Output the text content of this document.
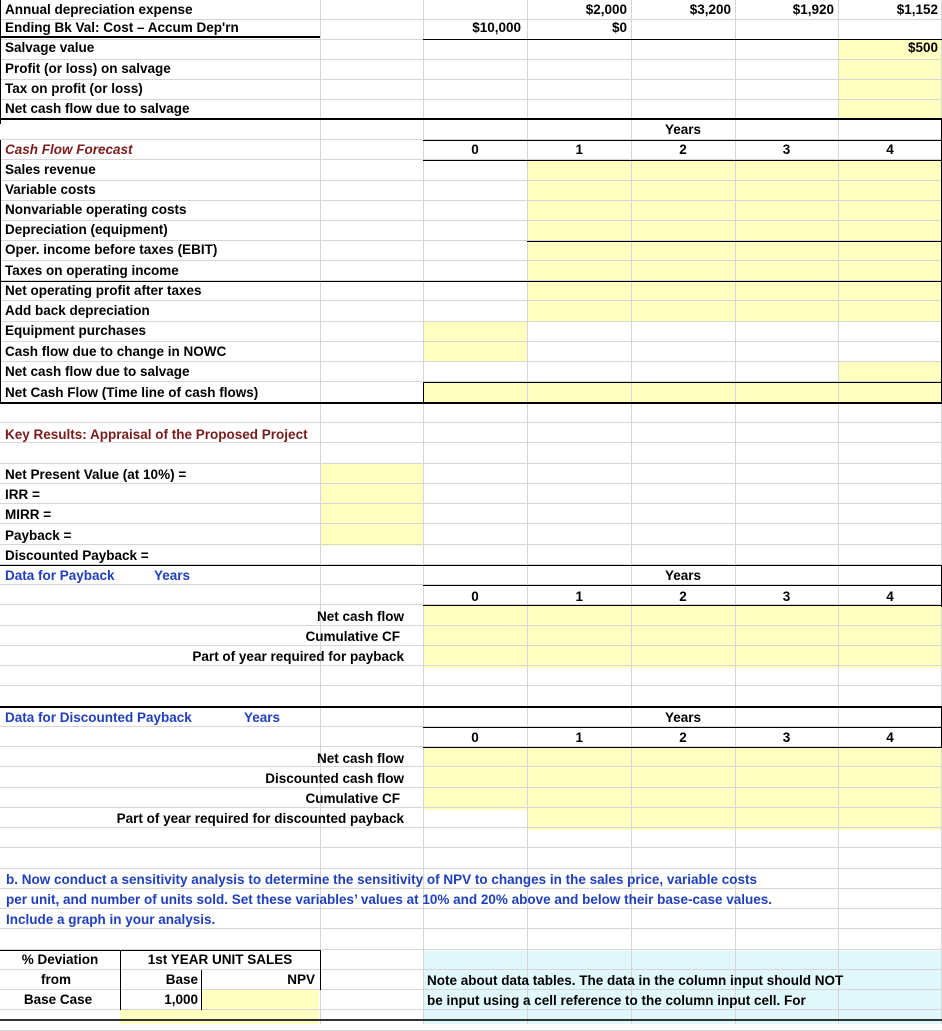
Annual depreciation expense	$2,000	$3,200	$1,920	$1,152
Ending Bk Val: Cost – Accum Dep'rn	$10,000	$0
Salvage value	$500
Profit (or loss) on salvage
Tax on profit (or loss)
Net cash flow due to salvage
Years
Cash Flow Forecast	0	1	2	3	4
Sales revenue
Variable costs
Nonvariable operating costs
Depreciation (equipment)
Oper. income before taxes (EBIT)
Taxes on operating income
Net operating profit after taxes
Add back depreciation
Equipment purchases
Cash flow due to change in NOWC
Net cash flow due to salvage
Net Cash Flow (Time line of cash flows)
Key Results: Appraisal of the Proposed Project
Net Present Value (at 10%) =
IRR =
MIRR =
Payback =
Discounted Payback =
Data for Payback	Years	Years
0	1	2	3	4
Net cash flow
Cumulative CF
Part of year required for payback
Data for Discounted Payback	Years	Years
0	1	2	3	4
Net cash flow
Discounted cash flow
Cumulative CF
Part of year required for discounted payback
b. Now conduct a sensitivity analysis to determine the sensitivity of NPV to changes in the sales price, variable costs
per unit, and number of units sold. Set these variables’ values at 10% and 20% above and below their base-case values.
Include a graph in your analysis.
% Deviation
from
Base Case
1st YEAR UNIT SALES
Base	NPV
1,000
Note about data tables. The data in the column input should NOT
be input using a cell reference to the column input cell. For
